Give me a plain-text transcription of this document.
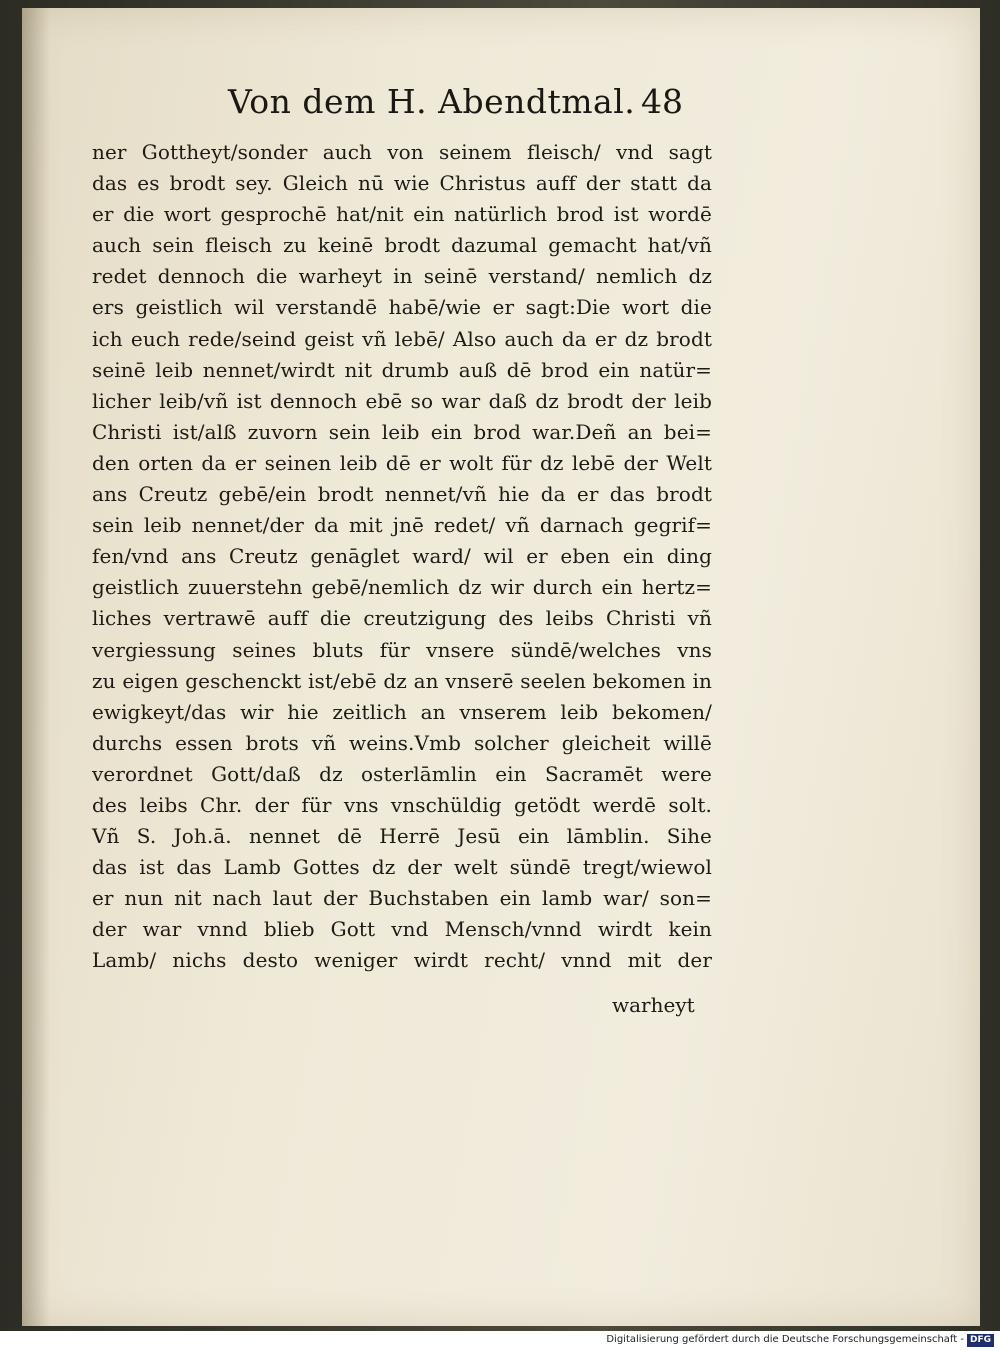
Von dem H. Abendtmal. 48
ner Gottheyt/sonder auch von seinem fleisch/ vnd sagt
das es brodt sey. Gleich nū wie Christus auff der statt da
er die wort gesprochē hat/nit ein natürlich brod ist wordē
auch sein fleisch zu keinē brodt dazumal gemacht hat/vñ
redet dennoch die warheyt in seinē verstand/ nemlich dz
ers geistlich wil verstandē habē/wie er sagt:Die wort die
ich euch rede/seind geist vñ lebē/ Also auch da er dz brodt
seinē leib nennet/wirdt nit drumb auß dē brod ein natür=
licher leib/vñ ist dennoch ebē so war daß dz brodt der leib
Christi ist/alß zuvorn sein leib ein brod war.Deñ an bei=
den orten da er seinen leib dē er wolt für dz lebē der Welt
ans Creutz gebē/ein brodt nennet/vñ hie da er das brodt
sein leib nennet/der da mit jnē redet/ vñ darnach gegrif=
fen/vnd ans Creutz genāglet ward/ wil er eben ein ding
geistlich zuuerstehn gebē/nemlich dz wir durch ein hertz=
liches vertrawē auff die creutzigung des leibs Christi vñ
vergiessung seines bluts für vnsere sündē/welches vns
zu eigen geschenckt ist/ebē dz an vnserē seelen bekomen in
ewigkeyt/das wir hie zeitlich an vnserem leib bekomen/
durchs essen brots vñ weins.Vmb solcher gleicheit willē
verordnet Gott/daß dz osterlāmlin ein Sacramēt were
des leibs Chr. der für vns vnschüldig getödt werdē solt.
Vñ S. Joh.ā. nennet dē Herrē Jesū ein lāmblin. Sihe
das ist das Lamb Gottes dz der welt sündē tregt/wiewol
er nun nit nach laut der Buchstaben ein lamb war/ son=
der war vnnd blieb Gott vnd Mensch/vnnd wirdt kein
Lamb/ nichs desto weniger wirdt recht/ vnnd mit der
warheyt
Digitalisierung gefördert durch die Deutsche Forschungsgemeinschaft - DFG
